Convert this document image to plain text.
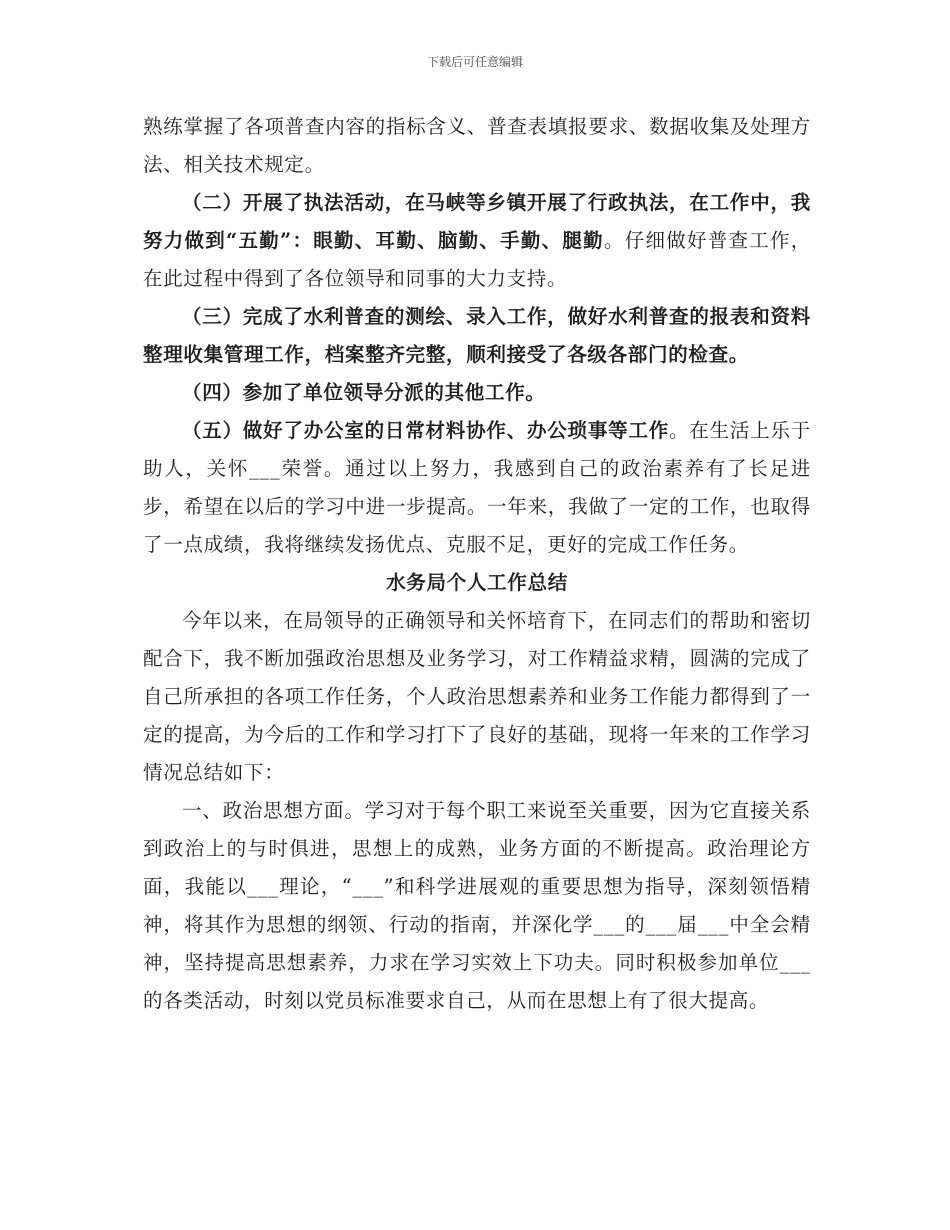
下载后可任意编辑

熟练掌握了各项普查内容的指标含义、普查表填报要求、数据收集及处理方法、相关技术规定。

（二）开展了执法活动，在马峡等乡镇开展了行政执法，在工作中，我努力做到“五勤”：眼勤、耳勤、脑勤、手勤、腿勤。仔细做好普查工作，在此过程中得到了各位领导和同事的大力支持。

（三）完成了水利普查的测绘、录入工作，做好水利普查的报表和资料整理收集管理工作，档案整齐完整，顺利接受了各级各部门的检查。

（四）参加了单位领导分派的其他工作。

（五）做好了办公室的日常材料协作、办公琐事等工作。在生活上乐于助人，关怀___荣誉。通过以上努力，我感到自己的政治素养有了长足进步，希望在以后的学习中进一步提高。一年来，我做了一定的工作，也取得了一点成绩，我将继续发扬优点、克服不足，更好的完成工作任务。

水务局个人工作总结

今年以来，在局领导的正确领导和关怀培育下，在同志们的帮助和密切配合下，我不断加强政治思想及业务学习，对工作精益求精，圆满的完成了自己所承担的各项工作任务，个人政治思想素养和业务工作能力都得到了一定的提高，为今后的工作和学习打下了良好的基础，现将一年来的工作学习情况总结如下：

一、政治思想方面。学习对于每个职工来说至关重要，因为它直接关系到政治上的与时俱进，思想上的成熟，业务方面的不断提高。政治理论方面，我能以___理论，“___”和科学进展观的重要思想为指导，深刻领悟精神，将其作为思想的纲领、行动的指南，并深化学___的___届___中全会精神，坚持提高思想素养，力求在学习实效上下功夫。同时积极参加单位___的各类活动，时刻以党员标准要求自己，从而在思想上有了很大提高。
